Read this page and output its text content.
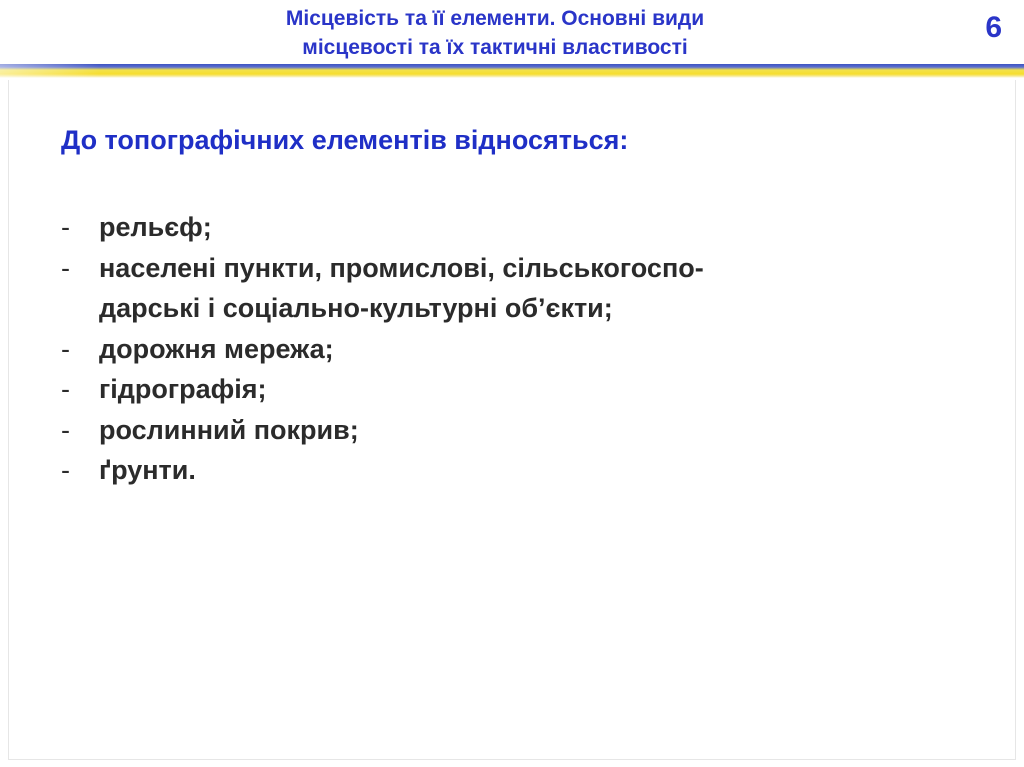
Місцевість та її елементи. Основні види
місцевості та їх тактичні властивості
6
До топографічних елементів відносяться:
-	рельєф;
-	населені пункти, промислові, сільськогоспо-
дарські і соціально-культурні об’єкти;
-	дорожня мережа;
-	гідрографія;
-	рослинний покрив;
-	ґрунти.
